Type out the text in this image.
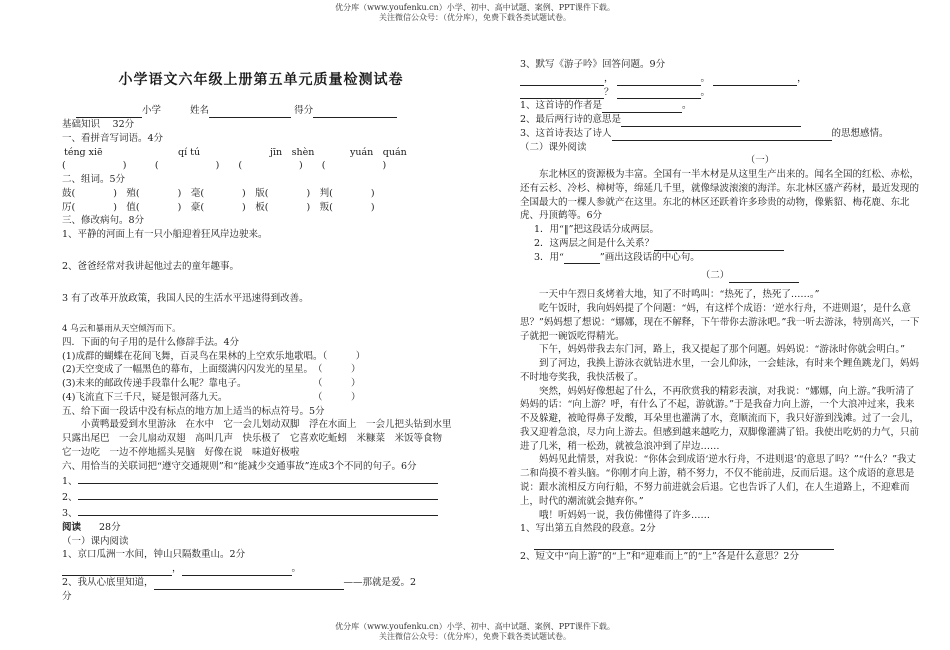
优分库（www.youfenku.cn）小学、初中、高中试题、案例、PPT课件下载。
关注微信公众号：（优分库），免费下载各类试题试卷。
小学语文六年级上册第五单元质量检测试卷
小学	姓名	得分
基础知识　 32分
一、看拼音写词语。4分
téng xiē	qí tú	jīn　shèn	yuán　quán
(　　　　　　)　　　(　　　　　　)　　(　　　　　　)　　(　　　　　　)
二、组词。5分
鼓(　　　　)　殖(　　　　)　毫(　　　　)　版(　　　　)　判(　　　　)
厉(　　　　)　值(　　　　)　豪(　　　　)　板(　　　　)　叛(　　　　)
三、修改病句。8分
1、平静的河面上有一只小船迎着狂风岸边驶来。
2、爸爸经常对我讲起他过去的童年趣事。
3 有了改革开放政策，我国人民的生活水平迅速得到改善。
4 乌云和暴雨从天空倾泻而下。
四．下面的句子用的是什么修辞手法。4分
(1)成群的蝴蝶在花间飞舞，百灵鸟在果林的上空欢乐地歌唱。（　　　）
(2)天空变成了一幅黑色的幕布，上面缀满闪闪发光的星星。　（　　　）
(3)未来的邮政传递手段靠什么呢？靠电子。　　　　　　　　（　　　）
(4)飞流直下三千尺，疑是银河落九天。　　　　　　　　　　（　　　）
五、给下面一段话中没有标点的地方加上适当的标点符号。5分
小黄鸭最爱到水里游泳　在水中　它一会儿划动双脚　浮在水面上　一会儿把头钻到水里　只露出尾巴　一会儿扇动双翅　高叫几声　快乐极了　它喜欢吃蚯蚓　米糠菜　米饭等食物　它一边吃　一边不停地摇头晃脑　好像在说　味道好极啦
六、用恰当的关联词把“遵守交通规则”和“能减少交通事故”连成3个不同的句子。6分
1、
2、
3、
阅读 28分
（一）课内阅读
1、京口瓜洲一水间，钟山只隔数重山。2分
，	。
2、我从心底里知道，	——那就是爱。2
分
3、默写《游子吟》回答问题。9分
，	。	，
？	。
1、这首诗的作者是	。
2、最后两行诗的意思是
3、这首诗表达了诗人	的思想感情。
（二）课外阅读
（一）
东北林区的资源极为丰富。全国有一半木材是从这里生产出来的。闻名全国的红松、赤松，还有云杉、冷杉、樟树等，绵延几千里，就像绿波滚滚的海洋。东北林区盛产药材，最近发现的全国最大的一棵人参就产在这里。东北的林区还跃着许多珍贵的动物，像紫貂、梅花鹿、东北虎、丹顶鹤等。6分
1．用“‖”把这段话分成两层。
2．这两层之间是什么关系？
3．用“	”画出这段话的中心句。
（二）
一天中午烈日炙烤着大地，知了不时鸣叫：“热死了，热死了……。”
吃午饭时，我向妈妈提了个问题：“妈，有这样个成语：‘逆水行舟，不进则退’，是什么意思？”妈妈想了想说：“娜娜，现在不解释，下午带你去游泳吧。”我一听去游泳，特别高兴，一下子就把一碗饭吃得精光。
下午，妈妈带我去东门河，路上，我又提起了那个问题。妈妈说：“游泳时你就会明白。”
到了河边，我换上游泳衣就钻进水里，一会儿仰泳，一会蛙泳，有时来个鲤鱼跳龙门，妈妈不时地夸奖我，我快活极了。
突然，妈妈好像想起了什么，不再欣赏我的精彩表演，对我说：“娜娜，向上游。”我听清了妈妈的话：“向上游？呼，有什么了不起，游就游。”于是我奋力向上游，一个大浪冲过来，我来不及躲避，被呛得鼻子发酸，耳朵里也灌满了水，竟顺流而下，我只好游到浅滩。过了一会儿，我又迎着急浪，尽力向上游去。但感到越来越吃力，双脚像灌满了铅。我使出吃奶的力气，只前进了几米，稍一松劲，就被急浪冲到了岸边……
妈妈见此情景，对我说：“你体会到成语‘逆水行舟，不进则退’的意思了吗？”“什么？”我丈二和尚摸不着头脑。“你刚才向上游，稍不努力，不仅不能前进，反而后退。这个成语的意思是说：跟水流相反方向行船，不努力前进就会后退。它也告诉了人们，在人生道路上，不迎难而上，时代的潮流就会抛弃你。”
哦！听妈妈一说，我仿佛懂得了许多……
1、写出第五自然段的段意。2分
2、短文中“向上游”的“上”和“迎难而上”的“上”各是什么意思？2分
优分库（www.youfenku.cn）小学、初中、高中试题、案例、PPT课件下载。
关注微信公众号：（优分库），免费下载各类试题试卷。
